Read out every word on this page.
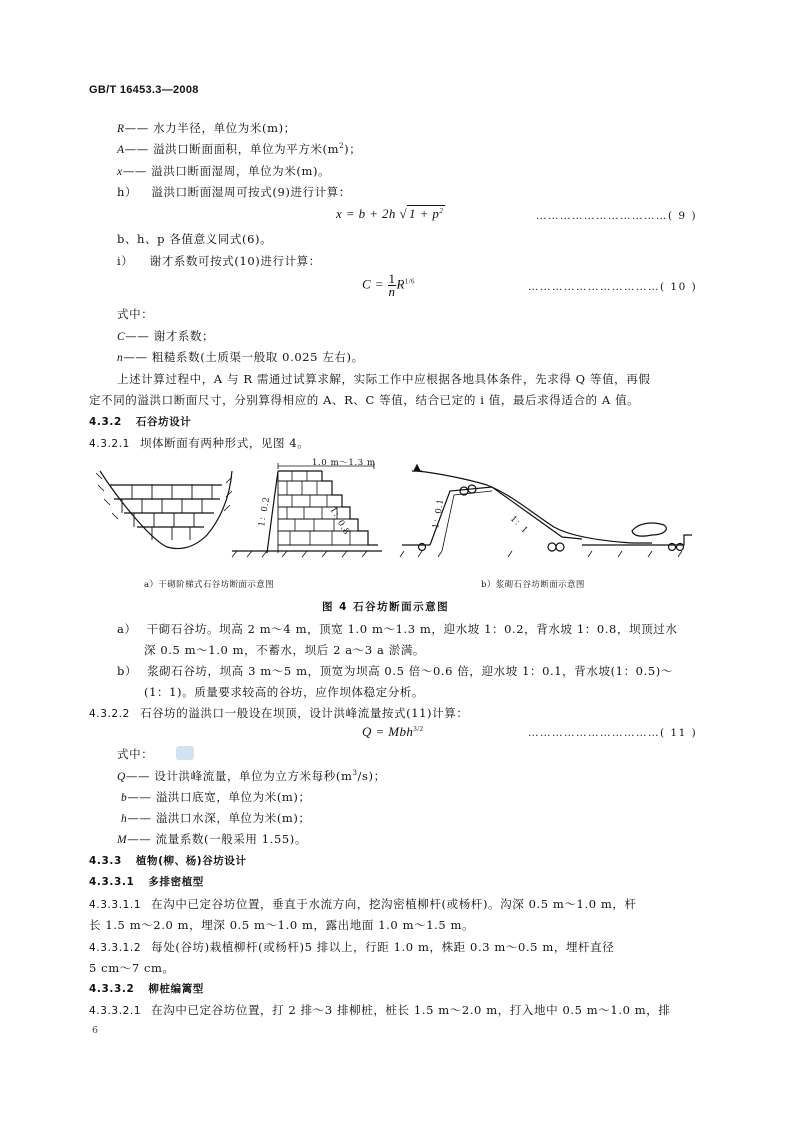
GB/T 16453.3—2008
R—— 水力半径，单位为米(m)；
A—— 溢洪口断面面积，单位为平方米$(m^2)$；
x—— 溢洪口断面湿周，单位为米(m)。
h） 溢洪口断面湿周可按式(9)进行计算：
x = b + 2h √ $1 + p^2$	……………………………( 9 )
b、h、p 各值意义同式(6)。
i） 谢才系数可按式(10)进行计算：
$C = \frac{1}{n} R^{1/6}$	……………………………( 10 )
式中：
C—— 谢才系数；
n—— 粗糙系数(土质渠一般取 0.025 左右)。
上述计算过程中，A 与 R 需通过试算求解，实际工作中应根据各地具体条件，先求得 Q 等值，再假
定不同的溢洪口断面尺寸，分别算得相应的 A、R、C 等值，结合已定的 i 值，最后求得适合的 A 值。
4.3.2 石谷坊设计
4.3.2.1 坝体断面有两种形式，见图 4。
1.0 m～1.3 m
1：0.2	1：0.8	1：0.1	1：1
a）干砌阶梯式石谷坊断面示意图	b）浆砌石谷坊断面示意图
图 4 石谷坊断面示意图
a） 干砌石谷坊。坝高 2 m～4 m，顶宽 1.0 m～1.3 m，迎水坡 1：0.2，背水坡 1：0.8，坝顶过水
深 0.5 m～1.0 m，不蓄水，坝后 2 a～3 a 淤满。
b） 浆砌石谷坊，坝高 3 m～5 m，顶宽为坝高 0.5 倍～0.6 倍，迎水坡 1：0.1，背水坡(1：0.5)～
(1：1)。质量要求较高的谷坊，应作坝体稳定分析。
4.3.2.2 石谷坊的溢洪口一般设在坝顶，设计洪峰流量按式(11)计算：
Q = Mbh$^{3/2}$	……………………………( 11 )
式中：
Q—— 设计洪峰流量，单位为立方米每秒$(m^3/s)$；
b—— 溢洪口底宽，单位为米(m)；
h—— 溢洪口水深，单位为米(m)；
M—— 流量系数(一般采用 1.55)。
4.3.3 植物(柳、杨)谷坊设计
4.3.3.1 多排密植型
4.3.3.1.1 在沟中已定谷坊位置，垂直于水流方向，挖沟密植柳杆(或杨杆)。沟深 0.5 m～1.0 m，杆
长 1.5 m～2.0 m，埋深 0.5 m～1.0 m，露出地面 1.0 m～1.5 m。
4.3.3.1.2 每处(谷坊)栽植柳杆(或杨杆)5 排以上，行距 1.0 m，株距 0.3 m～0.5 m，埋杆直径
5 cm～7 cm。
4.3.3.2 柳桩编篱型
4.3.3.2.1 在沟中已定谷坊位置，打 2 排～3 排柳桩，桩长 1.5 m～2.0 m，打入地中 0.5 m～1.0 m，排
6
